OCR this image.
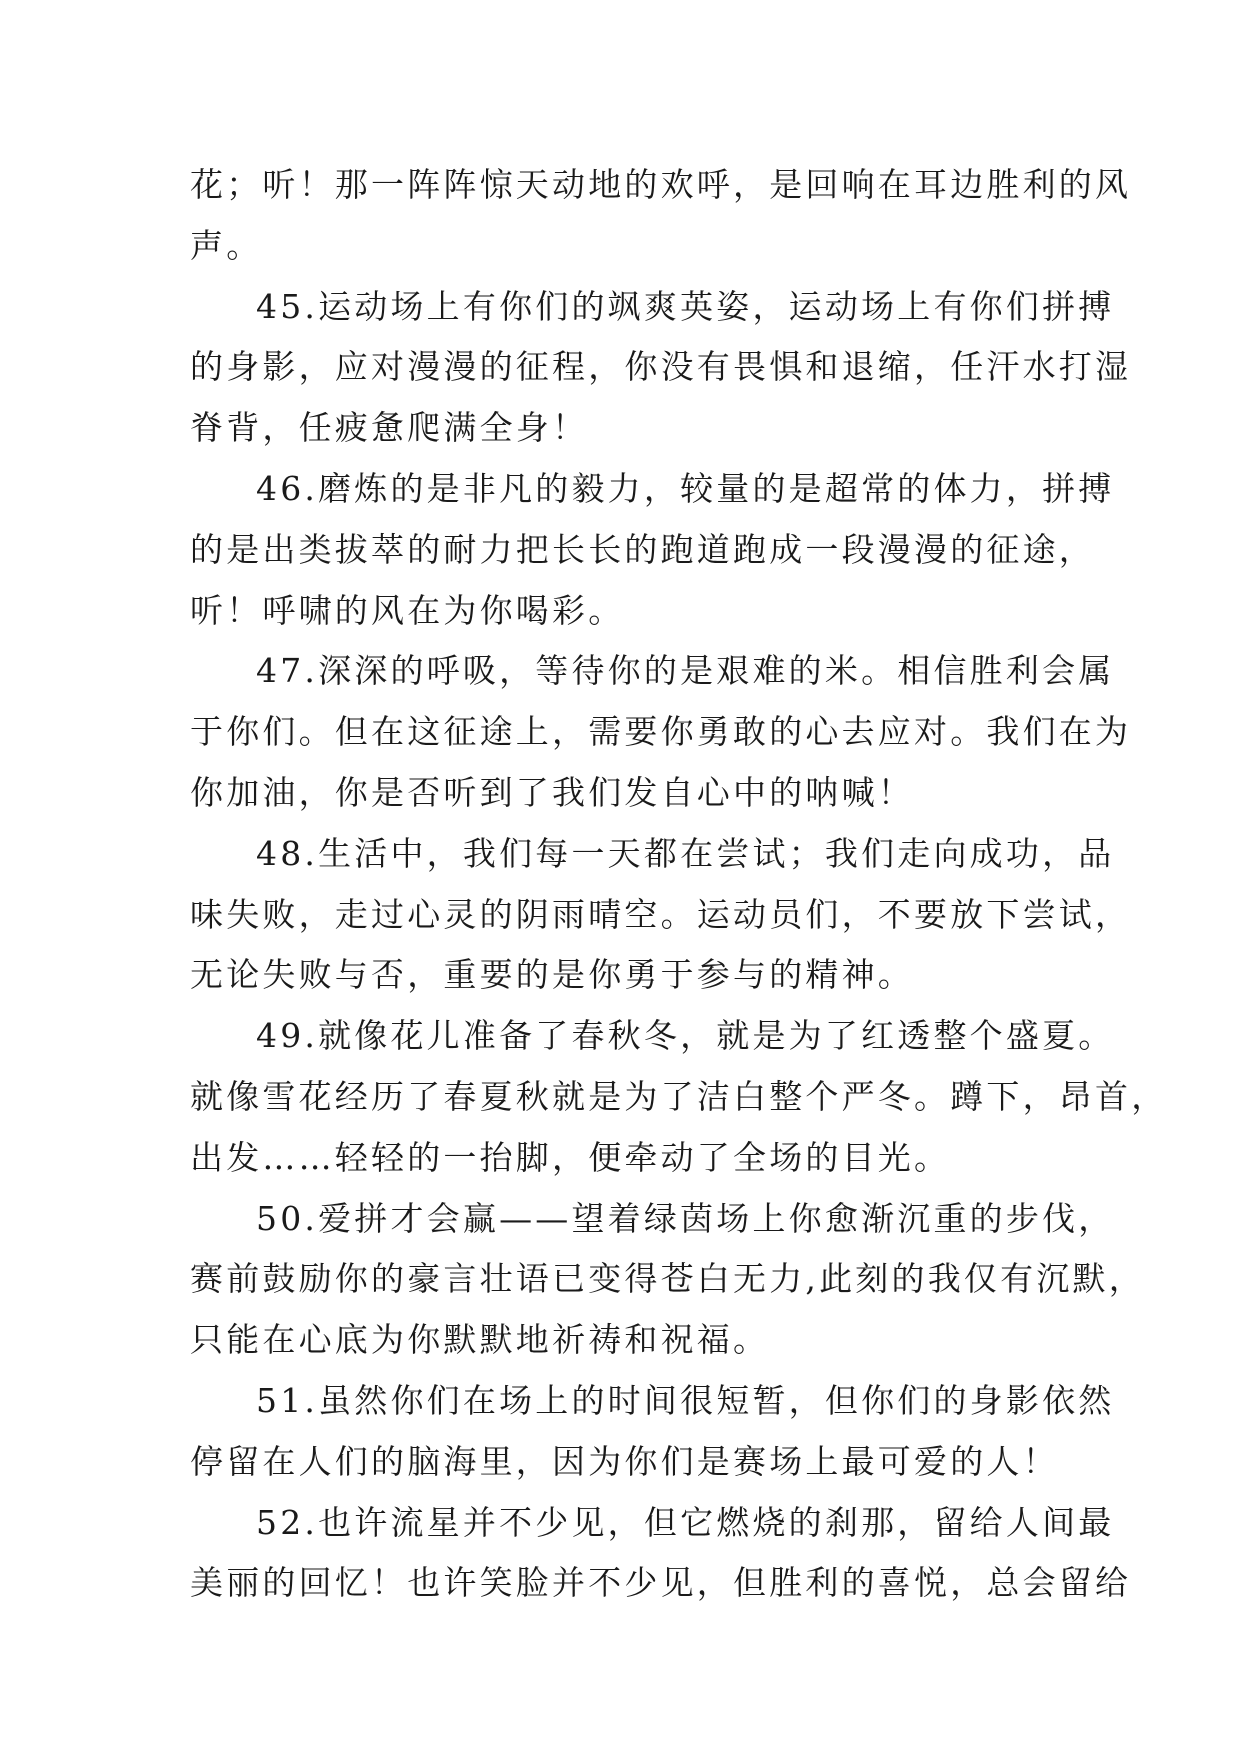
花；听！那一阵阵惊天动地的欢呼，是回响在耳边胜利的风
声。
45.运动场上有你们的飒爽英姿，运动场上有你们拼搏
的身影，应对漫漫的征程，你没有畏惧和退缩，任汗水打湿
脊背，任疲惫爬满全身！
46.磨炼的是非凡的毅力，较量的是超常的体力，拼搏
的是出类拔萃的耐力把长长的跑道跑成一段漫漫的征途，
听！呼啸的风在为你喝彩。
47.深深的呼吸，等待你的是艰难的米。相信胜利会属
于你们。但在这征途上，需要你勇敢的心去应对。我们在为
你加油，你是否听到了我们发自心中的呐喊！
48.生活中，我们每一天都在尝试；我们走向成功，品
味失败，走过心灵的阴雨晴空。运动员们，不要放下尝试，
无论失败与否，重要的是你勇于参与的精神。
49.就像花儿准备了春秋冬，就是为了红透整个盛夏。
就像雪花经历了春夏秋就是为了洁白整个严冬。蹲下，昂首，
出发……轻轻的一抬脚，便牵动了全场的目光。
50.爱拼才会赢——望着绿茵场上你愈渐沉重的步伐，
赛前鼓励你的豪言壮语已变得苍白无力,此刻的我仅有沉默，
只能在心底为你默默地祈祷和祝福。
51.虽然你们在场上的时间很短暂，但你们的身影依然
停留在人们的脑海里，因为你们是赛场上最可爱的人！
52.也许流星并不少见，但它燃烧的刹那，留给人间最
美丽的回忆！也许笑脸并不少见，但胜利的喜悦，总会留给
